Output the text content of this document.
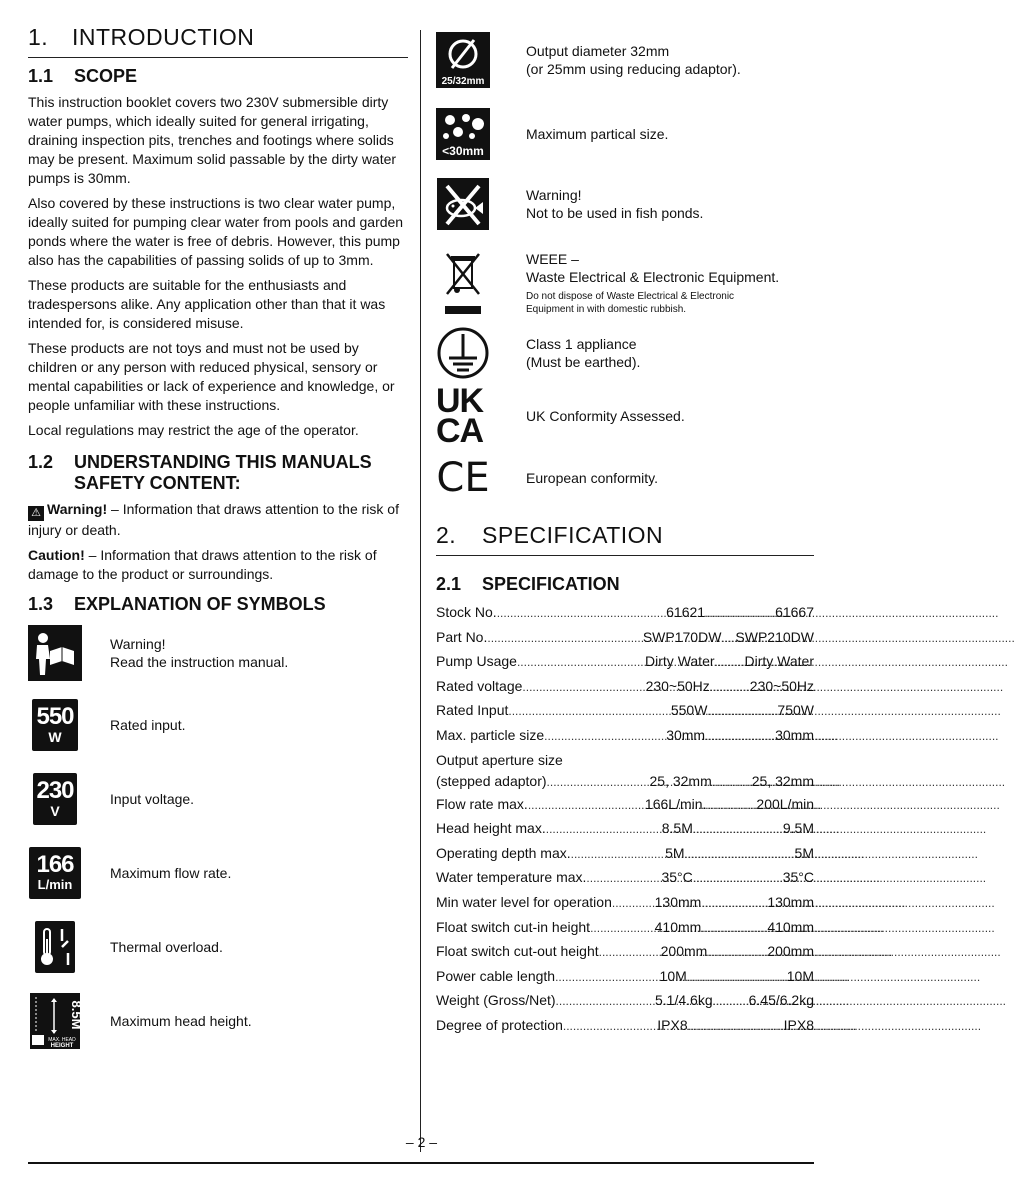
1.	INTRODUCTION
1.1	SCOPE

This instruction booklet covers two 230V submersible dirty water pumps, which ideally suited for general irrigating, draining inspection pits, trenches and footings where solids may be present. Maximum solid passable by the dirty water pumps is 30mm.

Also covered by these instructions is two clear water pump, ideally suited for pumping clear water from pools and garden ponds where the water is free of debris. However, this pump also has the capabilities of passing solids of up to 3mm.

These products are suitable for the enthusiasts and tradespersons alike. Any application other than that it was intended for, is considered misuse.

These products are not toys and must not be used by children or any person with reduced physical, sensory or mental capabilities or lack of experience and knowledge, or people unfamiliar with these instructions.

Local regulations may restrict the age of the operator.

1.2	UNDERSTANDING THIS MANUALS SAFETY CONTENT:

⚠ Warning! – Information that draws attention to the risk of injury or death.

Caution! – Information that draws attention to the risk of damage to the product or surroundings.

1.3	EXPLANATION OF SYMBOLS
Warning!
Read the instruction manual.
550
W
Rated input.
230
V
Input voltage.
166
L/min
Maximum flow rate.
Thermal overload.
8.5M
MAX. HEAD
HEIGHT
Maximum head height.
25/32mm
Output diameter 32mm
(or 25mm using reducing adaptor).
<30mm
Maximum partical size.
Warning!
Not to be used in fish ponds.
WEEE –
Waste Electrical & Electronic Equipment.
Do not dispose of Waste Electrical & Electronic
Equipment in with domestic rubbish.
Class 1 appliance
(Must be earthed).
UK
CA	UK Conformity Assessed.
CE	European conformity.
2.	SPECIFICATION
2.1	SPECIFICATION
Stock No. .....	61621 .....	61667
Part No. .....	SWP170DW ..... SWP210DW
Pump Usage .....	Dirty Water ..... Dirty Water
Rated voltage .....	230~50Hz .....	230~50Hz
Rated Input .....	550W .....	750W
Max. particle size .....	30mm .....	30mm
Output aperture size
(stepped adaptor) .....	25, 32mm .....	25, 32mm
Flow rate max. .....	166L/min. .....	200L/min
Head height max. .....	8.5M .....	9.5M
Operating depth max. .....	5M .....	5M
Water temperature max. .....	35°C .....	35°C
Min water level for operation .....	130mm .....	130mm
Float switch cut-in height .....	410mm .....	410mm
Float switch cut-out height .....	200mm .....	200mm
Power cable length .....	10M .....	10M
Weight (Gross/Net) .....	5.1/4.6kg .....	6.45/6.2kg
Degree of protection .....	IPX8 .....	IPX8
– 2 –
